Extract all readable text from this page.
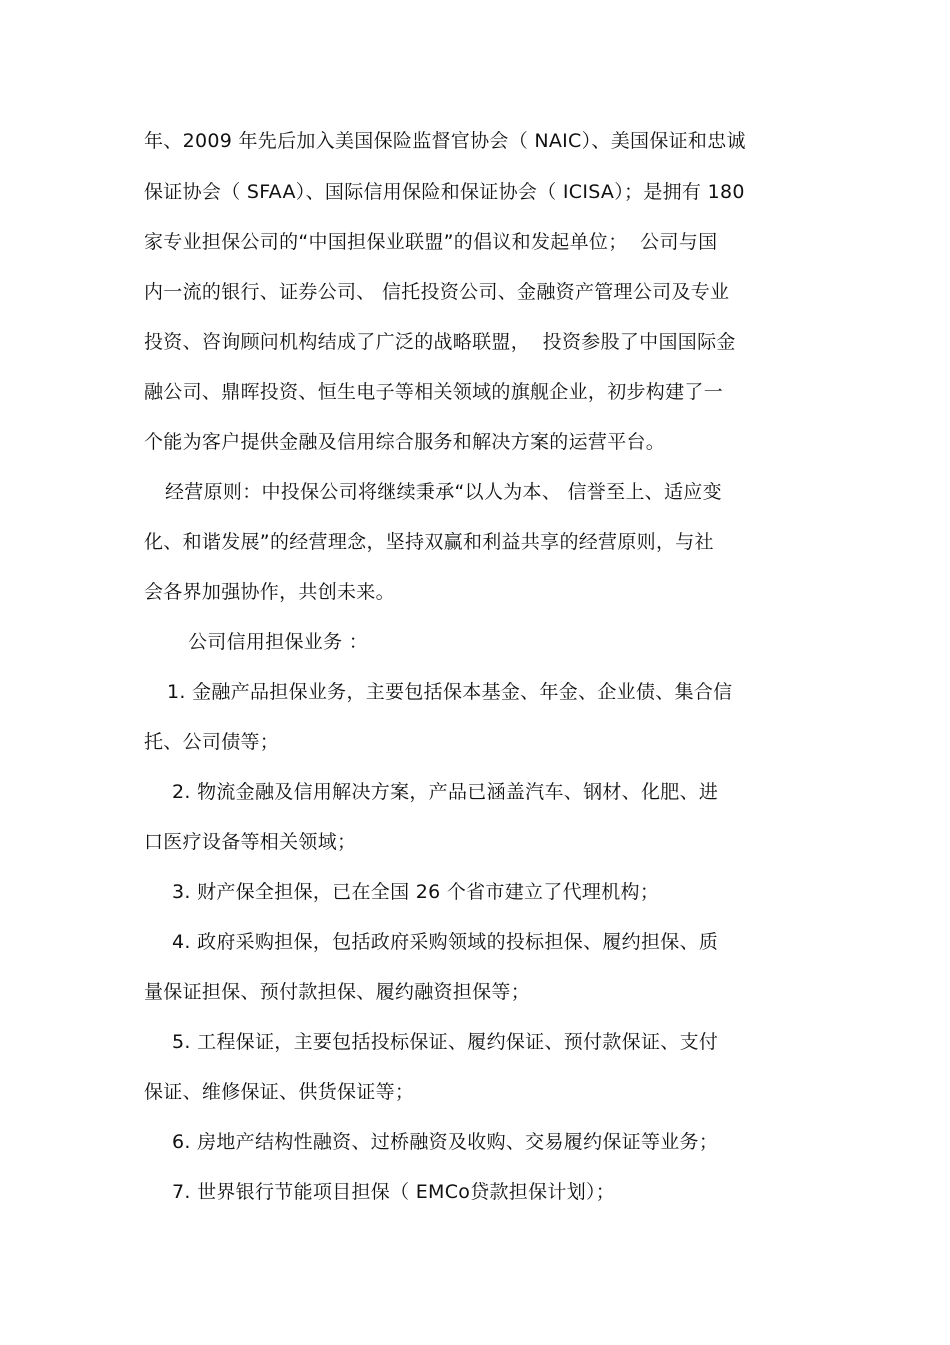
年、2009 年先后加入美国保险监督官协会（ NAIC）、美国保证和忠诚
保证协会（ SFAA）、国际信用保险和保证协会（ ICISA）；是拥有 180
家专业担保公司的“中国担保业联盟”的倡议和发起单位；  公司与国
内一流的银行、证券公司、 信托投资公司、金融资产管理公司及专业
投资、咨询顾问机构结成了广泛的战略联盟，  投资参股了中国国际金
融公司、鼎晖投资、恒生电子等相关领域的旗舰企业，初步构建了一
个能为客户提供金融及信用综合服务和解决方案的运营平台。
经营原则：中投保公司将继续秉承“以人为本、 信誉至上、适应变
化、和谐发展”的经营理念，坚持双赢和利益共享的经营原则，与社
会各界加强协作，共创未来。
公司信用担保业务 ：
1. 金融产品担保业务，主要包括保本基金、年金、企业债、集合信
托、公司债等；
2. 物流金融及信用解决方案，产品已涵盖汽车、钢材、化肥、进
口医疗设备等相关领域；
3. 财产保全担保，已在全国 26 个省市建立了代理机构；
4. 政府采购担保，包括政府采购领域的投标担保、履约担保、质
量保证担保、预付款担保、履约融资担保等；
5. 工程保证，主要包括投标保证、履约保证、预付款保证、支付
保证、维修保证、供货保证等；
6. 房地产结构性融资、过桥融资及收购、交易履约保证等业务；
7. 世界银行节能项目担保（ EMCo贷款担保计划）；
